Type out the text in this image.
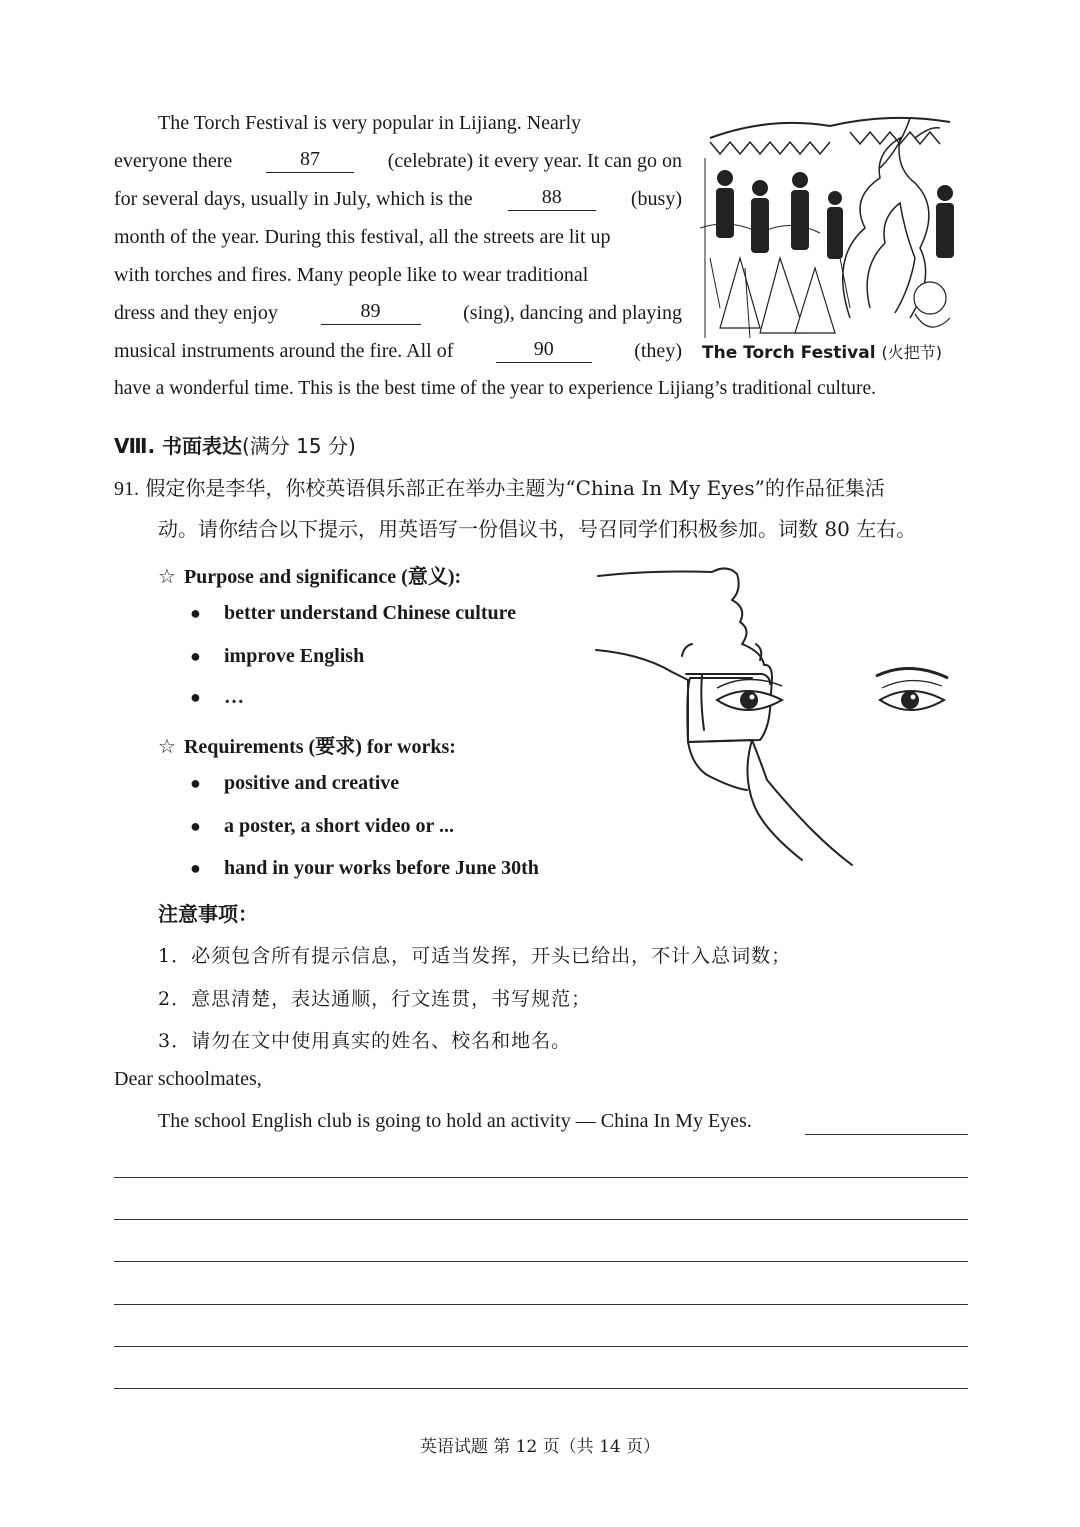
The Torch Festival is very popular in Lijiang. Nearly
everyone there	87	(celebrate) it every year. It can go on
for several days, usually in July, which is the	88	(busy)
month of the year. During this festival, all the streets are lit up
with torches and fires. Many people like to wear traditional
dress and they enjoy	89	(sing), dancing and playing
musical instruments around the fire. All of	90	(they)
have a wonderful time. This is the best time of the year to experience Lijiang’s traditional culture.
The Torch Festival (火把节)
Ⅷ. 书面表达(满分 15 分)
91. 假定你是李华，你校英语俱乐部正在举办主题为“China In My Eyes”的作品征集活
动。请你结合以下提示，用英语写一份倡议书，号召同学们积极参加。词数 80 左右。
☆ Purpose and significance (意义):
● better understand Chinese culture
● improve English
● …
☆ Requirements (要求) for works:
● positive and creative
● a poster, a short video or ...
● hand in your works before June 30th
注意事项：
1．必须包含所有提示信息，可适当发挥，开头已给出，不计入总词数；
2．意思清楚，表达通顺，行文连贯，书写规范；
3．请勿在文中使用真实的姓名、校名和地名。
Dear schoolmates,
The school English club is going to hold an activity — China In My Eyes.
英语试题 第 12 页（共 14 页）
